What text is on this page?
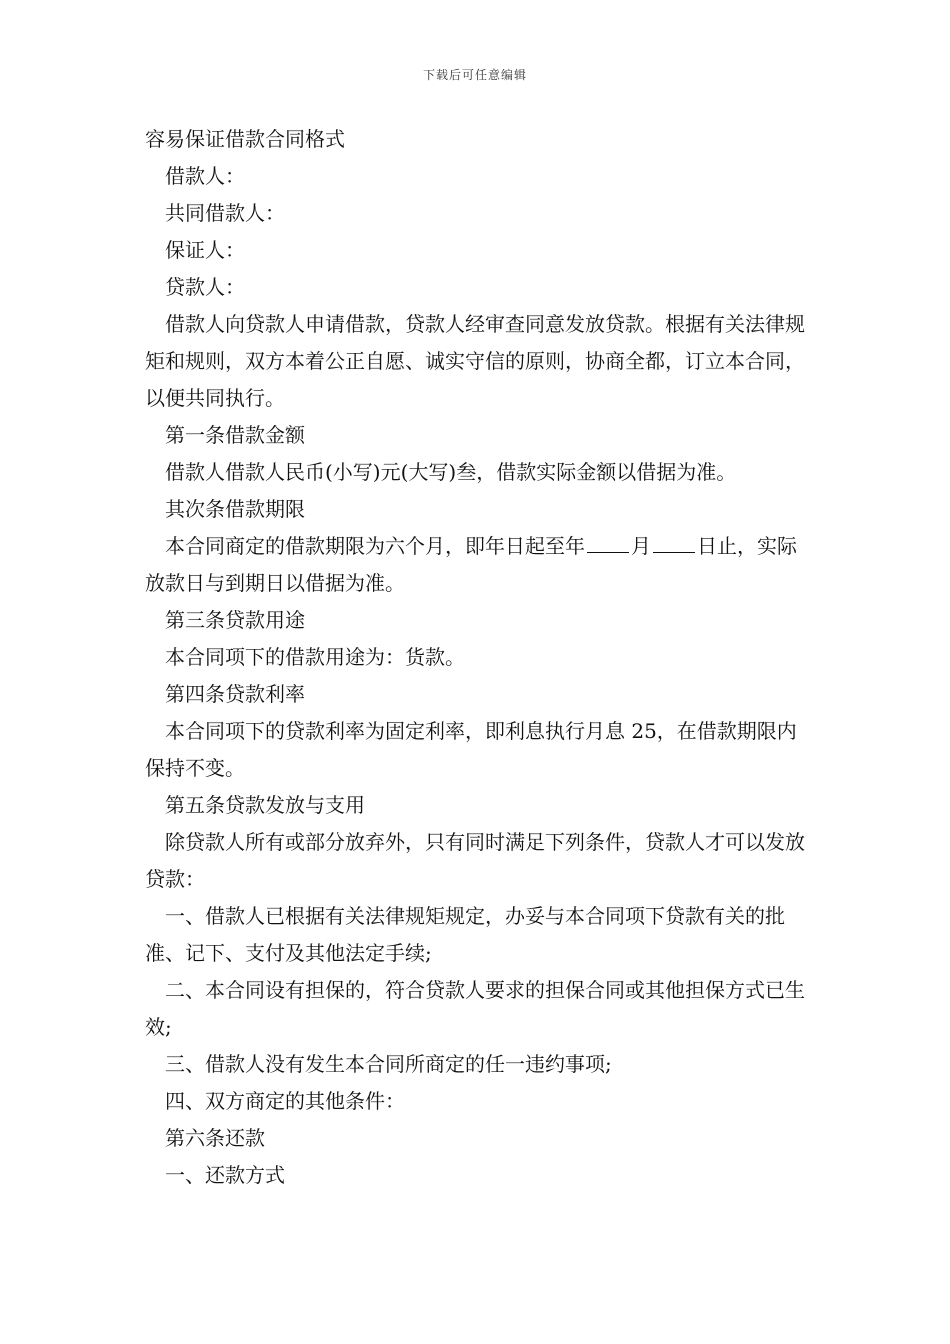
下载后可任意编辑

容易保证借款合同格式

借款人：

共同借款人：

保证人：

贷款人：

借款人向贷款人申请借款，贷款人经审查同意发放贷款。根据有关法律规矩和规则，双方本着公正自愿、诚实守信的原则，协商全都，订立本合同，以便共同执行。

第一条借款金额

借款人借款人民币(小写)元(大写)叁，借款实际金额以借据为准。

其次条借款期限

本合同商定的借款期限为六个月，即年日起至年 月 日止，实际放款日与到期日以借据为准。

第三条贷款用途

本合同项下的借款用途为：货款。

第四条贷款利率

本合同项下的贷款利率为固定利率，即利息执行月息 25，在借款期限内保持不变。

第五条贷款发放与支用

除贷款人所有或部分放弃外，只有同时满足下列条件，贷款人才可以发放贷款：

一、借款人已根据有关法律规矩规定，办妥与本合同项下贷款有关的批准、记下、支付及其他法定手续;

二、本合同设有担保的，符合贷款人要求的担保合同或其他担保方式已生效;

三、借款人没有发生本合同所商定的任一违约事项;

四、双方商定的其他条件：

第六条还款

一、还款方式
